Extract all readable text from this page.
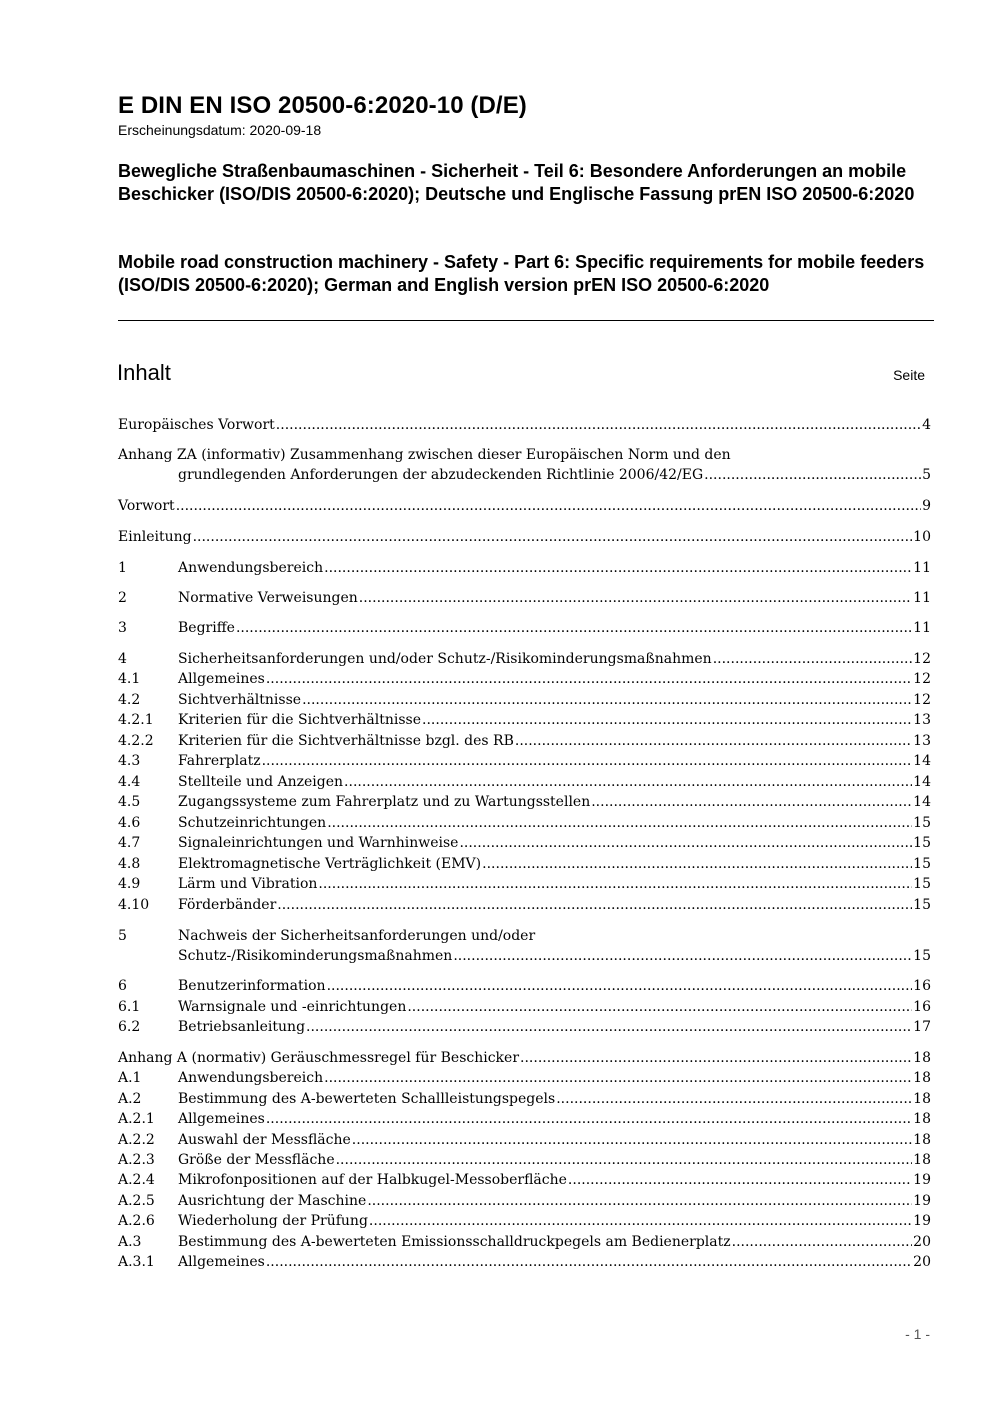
E DIN EN ISO 20500-6:2020-10 (D/E)
Erscheinungsdatum: 2020-09-18
Bewegliche Straßenbaumaschinen - Sicherheit - Teil 6: Besondere Anforderungen an mobile Beschicker (ISO/DIS 20500-6:2020); Deutsche und Englische Fassung prEN ISO 20500-6:2020
Mobile road construction machinery - Safety - Part 6: Specific requirements for mobile feeders (ISO/DIS 20500-6:2020); German and English version prEN ISO 20500-6:2020
Inhalt	Seite
Europäisches Vorwort .....	4
Anhang ZA (informativ) Zusammenhang zwischen dieser Europäischen Norm und den
grundlegenden Anforderungen der abzudeckenden Richtlinie 2006/42/EG .....	5
Vorwort .....	9
Einleitung .....	10
1	Anwendungsbereich .....	11
2	Normative Verweisungen .....	11
3	Begriffe .....	11
4	Sicherheitsanforderungen und/oder Schutz-/Risikominderungsmaßnahmen .....	12
4.1	Allgemeines .....	12
4.2	Sichtverhältnisse .....	12
4.2.1	Kriterien für die Sichtverhältnisse .....	13
4.2.2	Kriterien für die Sichtverhältnisse bzgl. des RB .....	13
4.3	Fahrerplatz .....	14
4.4	Stellteile und Anzeigen .....	14
4.5	Zugangssysteme zum Fahrerplatz und zu Wartungsstellen .....	14
4.6	Schutzeinrichtungen .....	15
4.7	Signaleinrichtungen und Warnhinweise .....	15
4.8	Elektromagnetische Verträglichkeit (EMV) .....	15
4.9	Lärm und Vibration .....	15
4.10	Förderbänder .....	15
5	Nachweis der Sicherheitsanforderungen und/oder
Schutz-/Risikominderungsmaßnahmen .....	15
6	Benutzerinformation .....	16
6.1	Warnsignale und -einrichtungen .....	16
6.2	Betriebsanleitung .....	17
Anhang A (normativ) Geräuschmessregel für Beschicker .....	18
A.1	Anwendungsbereich .....	18
A.2	Bestimmung des A-bewerteten Schallleistungspegels .....	18
A.2.1	Allgemeines .....	18
A.2.2	Auswahl der Messfläche .....	18
A.2.3	Größe der Messfläche .....	18
A.2.4	Mikrofonpositionen auf der Halbkugel-Messoberfläche .....	19
A.2.5	Ausrichtung der Maschine .....	19
A.2.6	Wiederholung der Prüfung .....	19
A.3	Bestimmung des A-bewerteten Emissionsschalldruckpegels am Bedienerplatz .....	20
A.3.1	Allgemeines .....	20
- 1 -
